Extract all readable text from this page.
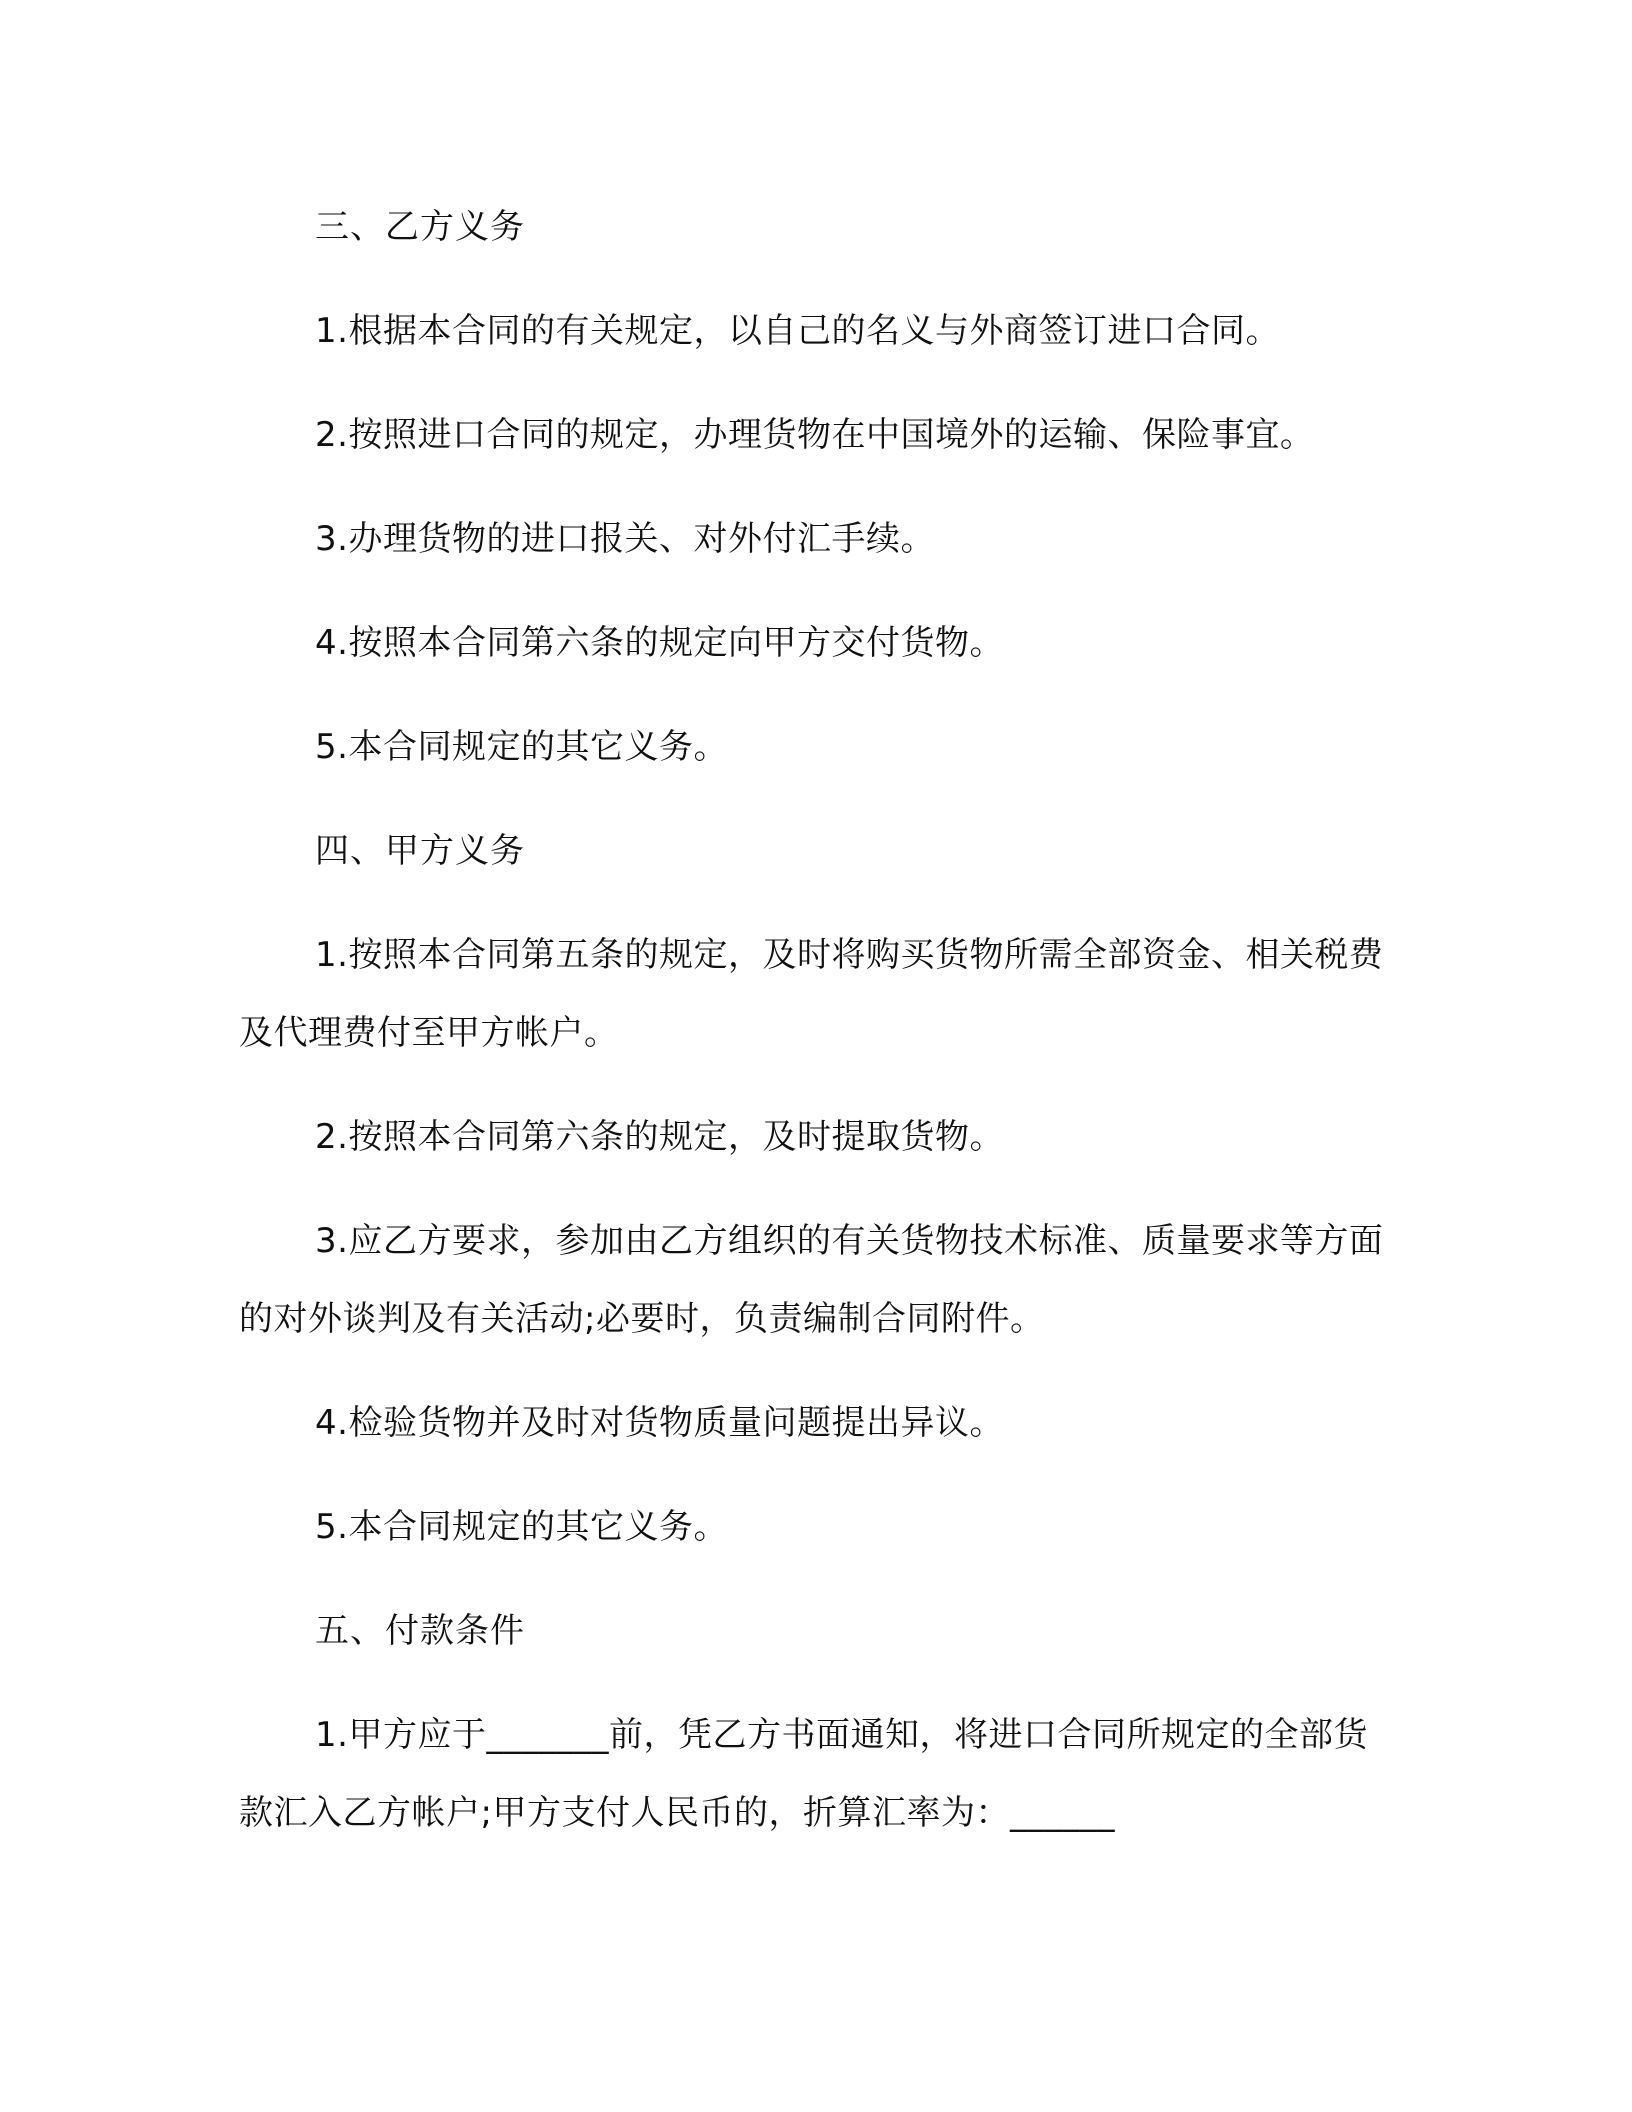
三、乙方义务

1.根据本合同的有关规定，以自己的名义与外商签订进口合同。

2.按照进口合同的规定，办理货物在中国境外的运输、保险事宜。

3.办理货物的进口报关、对外付汇手续。

4.按照本合同第六条的规定向甲方交付货物。

5.本合同规定的其它义务。

四、甲方义务

1.按照本合同第五条的规定，及时将购买货物所需全部资金、相关税费及代理费付至甲方帐户。

2.按照本合同第六条的规定，及时提取货物。

3.应乙方要求，参加由乙方组织的有关货物技术标准、质量要求等方面的对外谈判及有关活动;必要时，负责编制合同附件。

4.检验货物并及时对货物质量问题提出异议。

5.本合同规定的其它义务。

五、付款条件

1.甲方应于_______前，凭乙方书面通知，将进口合同所规定的全部货款汇入乙方帐户;甲方支付人民币的，折算汇率为：______
